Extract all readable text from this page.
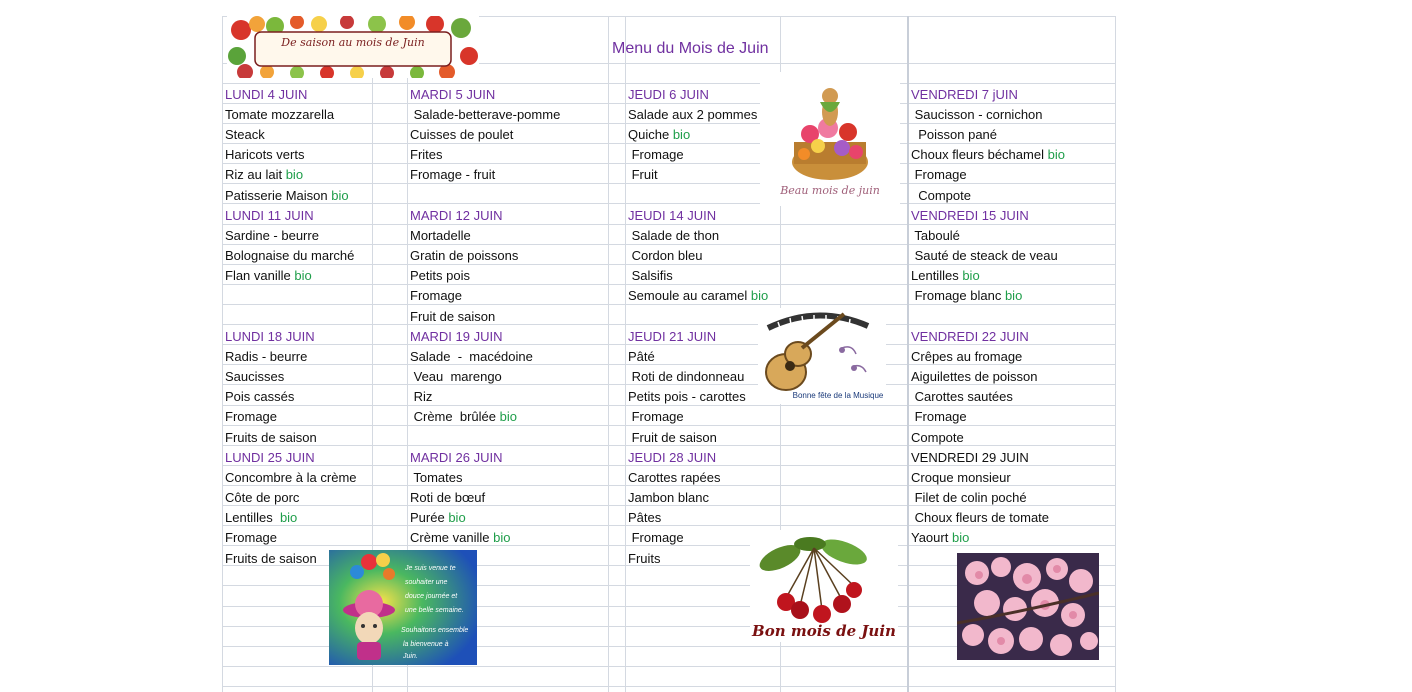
Menu du Mois de Juin
LUNDI 4 JUIN
Tomate mozzarella
Steack
Haricots verts
Riz au lait bio
Patisserie Maison bio
MARDI 5 JUIN
Salade-betterave-pomme
Cuisses de poulet
Frites
Fromage - fruit
JEUDI 6 JUIN
Salade aux 2 pommes
Quiche bio
Fromage
Fruit
VENDREDI 7 jUIN
Saucisson - cornichon
Poisson pané
Choux fleurs béchamel bio
Fromage
Compote
LUNDI 11 JUIN
Sardine - beurre
Bolognaise du marché
Flan vanille bio
MARDI 12 JUIN
Mortadelle
Gratin de poissons
Petits pois
Fromage
Fruit de saison
JEUDI 14 JUIN
Salade de thon
Cordon bleu
Salsifis
Semoule au caramel bio
VENDREDI 15 JUIN
Taboulé
Sauté de steack de veau
Lentilles bio
Fromage blanc bio
LUNDI 18 JUIN
Radis - beurre
Saucisses
Pois cassés
Fromage
Fruits de saison
MARDI 19 JUIN
Salade  -  macédoine
Veau  marengo
Riz
Crème  brûlée bio
JEUDI 21 JUIN
Pâté
Roti de dindonneau
Petits pois - carottes
Fromage
Fruit de saison
VENDREDI 22 JUIN
Crêpes au fromage
Aiguilettes de poisson
Carottes sautées
Fromage
Compote
LUNDI 25 JUIN
Concombre à la crème
Côte de porc
Lentilles  bio
Fromage
Fruits de saison
MARDI 26 JUIN
Tomates
Roti de bœuf
Purée bio
Crème vanille bio
JEUDI 28 JUIN
Carottes rapées
Jambon blanc
Pâtes
Fromage
Fruits
VENDREDI 29 JUIN
Croque monsieur
Filet de colin poché
Choux fleurs de tomate
Yaourt bio
De saison au mois de Juin
Beau mois de juin
Bonne fête de la Musique
Je suis venue te
souhaiter une
douce journée et
une belle semaine.
Souhaitons ensemble
la bienvenue à
Juin.
Bon mois de Juin
